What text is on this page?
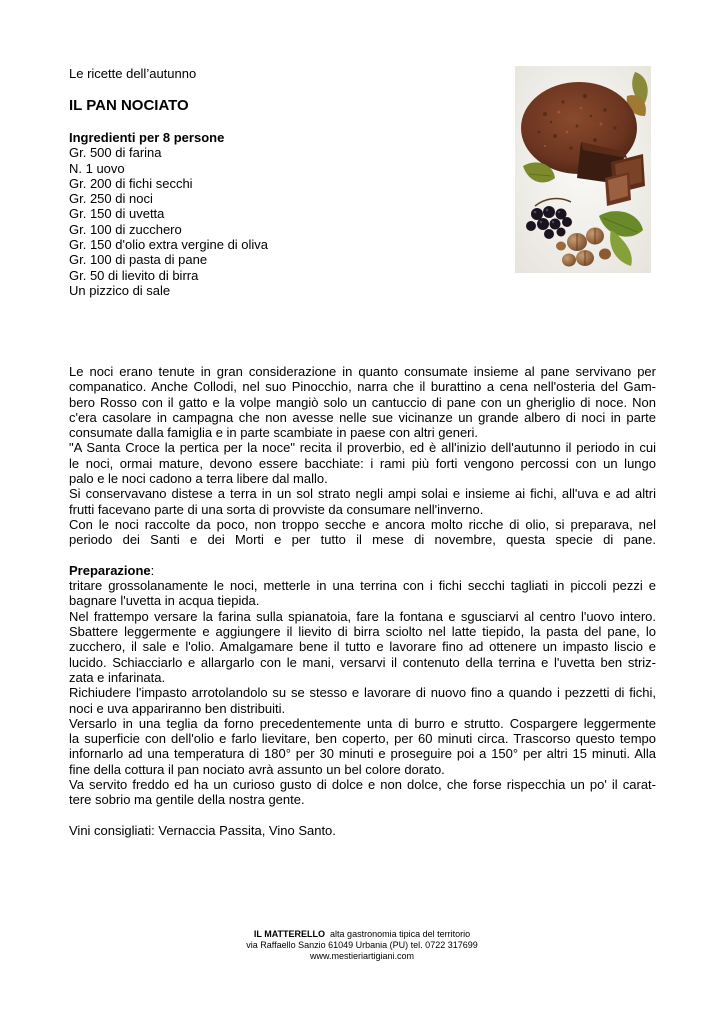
Le ricette dell’autunno
IL PAN NOCIATO
Ingredienti per 8 persone
Gr. 500 di farina
N. 1 uovo
Gr. 200 di fichi secchi
Gr. 250 di noci
Gr. 150 di uvetta
Gr. 100 di zucchero
Gr. 150 d'olio extra vergine di oliva
Gr. 100 di pasta di pane
Gr. 50 di lievito di birra
Un pizzico di sale
Le noci erano tenute in gran considerazione in quanto consumate insieme al pane servivano per
companatico. Anche Collodi, nel suo Pinocchio, narra che il burattino a cena nell'osteria del Gam-
bero Rosso con il gatto e la volpe mangiò solo un cantuccio di pane con un gheriglio di noce. Non
c'era casolare in campagna che non avesse nelle sue vicinanze un grande albero di noci in parte
consumate dalla famiglia e in parte scambiate in paese con altri generi.
"A Santa Croce la pertica per la noce" recita il proverbio, ed è all'inizio dell'autunno il periodo in cui
le noci, ormai mature, devono essere bacchiate: i rami più forti vengono percossi con un lungo
palo e le noci cadono a terra libere dal mallo.
Si conservavano distese a terra in un sol strato negli ampi solai e insieme ai fichi, all'uva e ad altri
frutti facevano parte di una sorta di provviste da consumare nell'inverno.
Con le noci raccolte da poco, non troppo secche e ancora molto ricche di olio, si preparava, nel
periodo dei Santi e dei Morti e per tutto il mese di novembre, questa specie di pane.
Preparazione:
tritare grossolanamente le noci, metterle in una terrina con i fichi secchi tagliati in piccoli pezzi e
bagnare l'uvetta in acqua tiepida.
Nel frattempo versare la farina sulla spianatoia, fare la fontana e sgusciarvi al centro l'uovo intero.
Sbattere leggermente e aggiungere il lievito di birra sciolto nel latte tiepido, la pasta del pane, lo
zucchero, il sale e l'olio. Amalgamare bene il tutto e lavorare fino ad ottenere un impasto liscio e
lucido. Schiacciarlo e allargarlo con le mani, versarvi il contenuto della terrina e l'uvetta ben striz-
zata e infarinata.
Richiudere l'impasto arrotolandolo su se stesso e lavorare di nuovo fino a quando i pezzetti di fichi,
noci e uva appariranno ben distribuiti.
Versarlo in una teglia da forno precedentemente unta di burro e strutto. Cospargere leggermente
la superficie con dell'olio e farlo lievitare, ben coperto, per 60 minuti circa. Trascorso questo tempo
infornarlo ad una temperatura di 180° per 30 minuti e proseguire poi a 150° per altri 15 minuti. Alla
fine della cottura il pan nociato avrà assunto un bel colore dorato.
Va servito freddo ed ha un curioso gusto di dolce e non dolce, che forse rispecchia un po' il carat-
tere sobrio ma gentile della nostra gente.
Vini consigliati: Vernaccia Passita, Vino Santo.
IL MATTERELLO  alta gastronomia tipica del territorio
via Raffaello Sanzio 61049 Urbania (PU) tel. 0722 317699
www.mestieriartigiani.com
